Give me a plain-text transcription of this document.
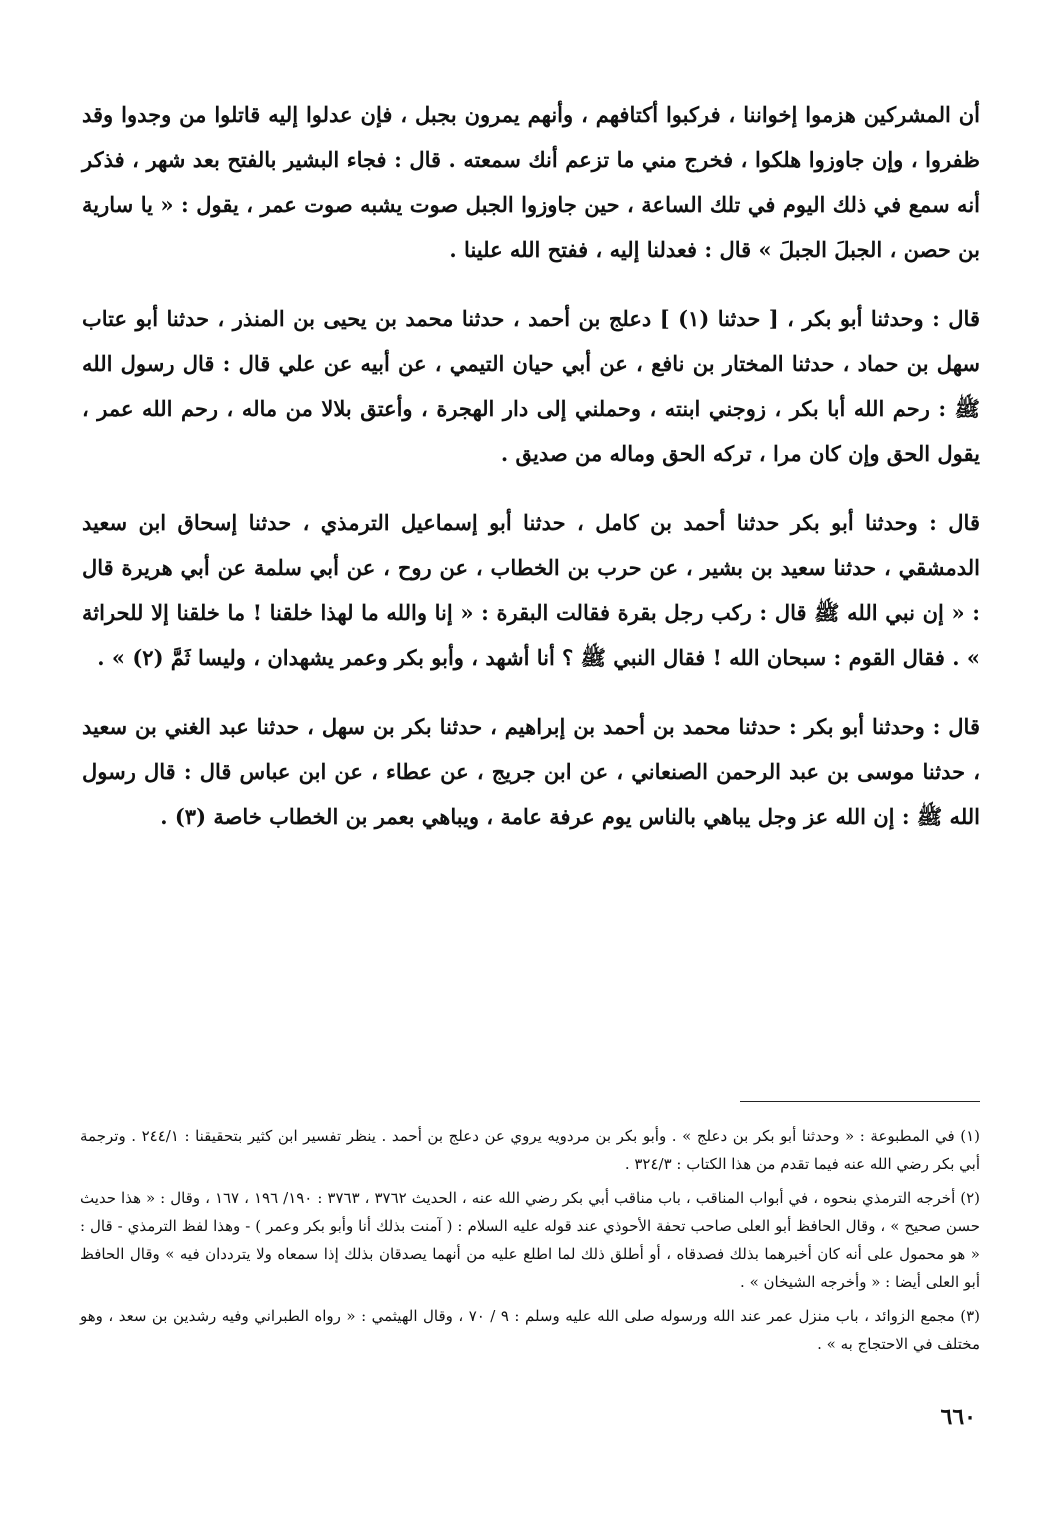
أن المشركين هزموا إخواننا ، فركبوا أكتافهم ، وأنهم يمرون بجبل ، فإن عدلوا إليه قاتلوا من وجدوا وقد ظفروا ، وإن جاوزوا هلكوا ، فخرج مني ما تزعم أنك سمعته . قال : فجاء البشير بالفتح بعد شهر ، فذكر أنه سمع في ذلك اليوم في تلك الساعة ، حين جاوزوا الجبل صوت يشبه صوت عمر ، يقول : « يا سارية بن حصن ، الجبلَ الجبلَ » قال : فعدلنا إليه ، ففتح الله علينا .

قال : وحدثنا أبو بكر ، [ حدثنا (١) ] دعلج بن أحمد ، حدثنا محمد بن يحيى بن المنذر ، حدثنا أبو عتاب سهل بن حماد ، حدثنا المختار بن نافع ، عن أبي حيان التيمي ، عن أبيه عن علي قال : قال رسول الله ﷺ : رحم الله أبا بكر ، زوجني ابنته ، وحملني إلى دار الهجرة ، وأعتق بلالا من ماله ، رحم الله عمر ، يقول الحق وإن كان مرا ، تركه الحق وماله من صديق .

قال : وحدثنا أبو بكر حدثنا أحمد بن كامل ، حدثنا أبو إسماعيل الترمذي ، حدثنا إسحاق ابن سعيد الدمشقي ، حدثنا سعيد بن بشير ، عن حرب بن الخطاب ، عن روح ، عن أبي سلمة عن أبي هريرة قال : « إن نبي الله ﷺ قال : ركب رجل بقرة فقالت البقرة : « إنا والله ما لهذا خلقنا ! ما خلقنا إلا للحراثة » . فقال القوم : سبحان الله ! فقال النبي ﷺ ؟ أنا أشهد ، وأبو بكر وعمر يشهدان ، وليسا ثَمَّ (٢) » .

قال : وحدثنا أبو بكر : حدثنا محمد بن أحمد بن إبراهيم ، حدثنا بكر بن سهل ، حدثنا عبد الغني بن سعيد ، حدثنا موسى بن عبد الرحمن الصنعاني ، عن ابن جريج ، عن عطاء ، عن ابن عباس قال : قال رسول الله ﷺ : إن الله عز وجل يباهي بالناس يوم عرفة عامة ، ويباهي بعمر بن الخطاب خاصة (٣) .

(١) في المطبوعة : « وحدثنا أبو بكر بن دعلج » . وأبو بكر بن مردويه يروي عن دعلج بن أحمد . ينظر تفسير ابن كثير بتحقيقنا : ٢٤٤/١ . وترجمة أبي بكر رضي الله عنه فيما تقدم من هذا الكتاب : ٣٢٤/٣ .

(٢) أخرجه الترمذي بنحوه ، في أبواب المناقب ، باب مناقب أبي بكر رضي الله عنه ، الحديث ٣٧٦٢ ، ٣٧٦٣ : ١٩٠/ ١٩٦ ، ١٦٧ ، وقال : « هذا حديث حسن صحيح » ، وقال الحافظ أبو العلى صاحب تحفة الأحوذي عند قوله عليه السلام : ( آمنت بذلك أنا وأبو بكر وعمر ) - وهذا لفظ الترمذي - قال : « هو محمول على أنه كان أخبرهما بذلك فصدقاه ، أو أطلق ذلك لما اطلع عليه من أنهما يصدقان بذلك إذا سمعاه ولا يترددان فيه » وقال الحافظ أبو العلى أيضا : « وأخرجه الشيخان » .

(٣) مجمع الزوائد ، باب منزل عمر عند الله ورسوله صلى الله عليه وسلم : ٩ / ٧٠ ، وقال الهيثمي : « رواه الطبراني وفيه رشدين بن سعد ، وهو مختلف في الاحتجاج به » .

٦٦٠
